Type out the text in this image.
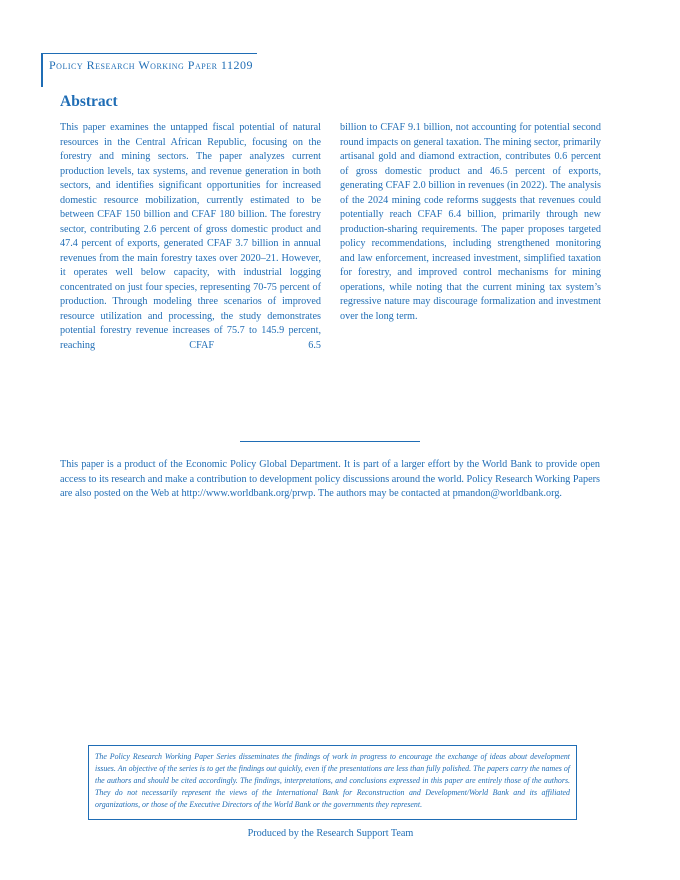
Policy Research Working Paper 11209
Abstract

This paper examines the untapped fiscal potential of natural resources in the Central African Republic, focusing on the forestry and mining sectors. The paper analyzes current production levels, tax systems, and revenue generation in both sectors, and identifies significant opportunities for increased domestic resource mobilization, currently estimated to be between CFAF 150 billion and CFAF 180 billion. The forestry sector, contributing 2.6 percent of gross domestic product and 47.4 percent of exports, generated CFAF 3.7 billion in annual revenues from the main forestry taxes over 2020–21. However, it operates well below capacity, with industrial logging concentrated on just four species, representing 70-75 percent of production. Through modeling three scenarios of improved resource utilization and processing, the study demonstrates potential forestry revenue increases of 75.7 to 145.9 percent, reaching CFAF 6.5

billion to CFAF 9.1 billion, not accounting for potential second round impacts on general taxation. The mining sector, primarily artisanal gold and diamond extraction, contributes 0.6 percent of gross domestic product and 46.5 percent of exports, generating CFAF 2.0 billion in revenues (in 2022). The analysis of the 2024 mining code reforms suggests that revenues could potentially reach CFAF 6.4 billion, primarily through new production-sharing requirements. The paper proposes targeted policy recommendations, including strengthened monitoring and law enforcement, increased investment, simplified taxation for forestry, and improved control mechanisms for mining operations, while noting that the current mining tax system’s regressive nature may discourage formalization and investment over the long term.

This paper is a product of the Economic Policy Global Department. It is part of a larger effort by the World Bank to provide open access to its research and make a contribution to development policy discussions around the world. Policy Research Working Papers are also posted on the Web at http://www.worldbank.org/prwp. The authors may be contacted at pmandon@worldbank.org.

The Policy Research Working Paper Series disseminates the findings of work in progress to encourage the exchange of ideas about development issues. An objective of the series is to get the findings out quickly, even if the presentations are less than fully polished. The papers carry the names of the authors and should be cited accordingly. The findings, interpretations, and conclusions expressed in this paper are entirely those of the authors. They do not necessarily represent the views of the International Bank for Reconstruction and Development/World Bank and its affiliated organizations, or those of the Executive Directors of the World Bank or the governments they represent.

Produced by the Research Support Team
